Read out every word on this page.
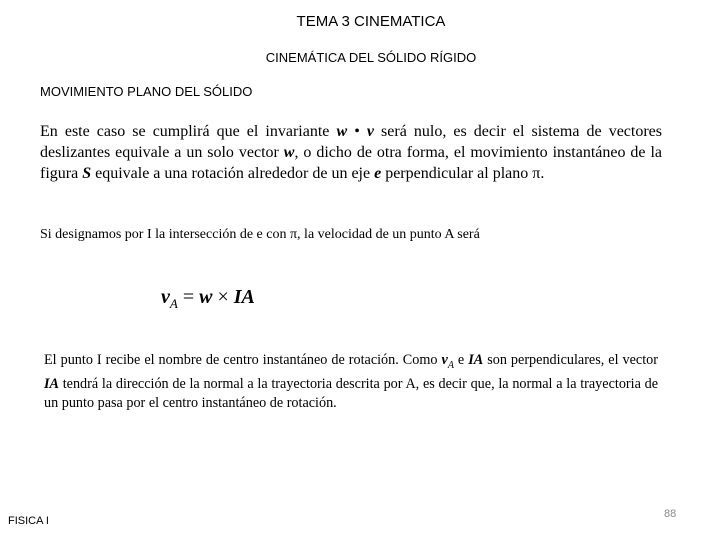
TEMA 3 CINEMATICA
CINEMÁTICA DEL SÓLIDO RÍGIDO
MOVIMIENTO PLANO DEL SÓLIDO
En este caso se cumplirá que el invariante w • v será nulo, es decir el sistema de vectores deslizantes equivale a un solo vector w, o dicho de otra forma, el movimiento instantáneo de la figura S equivale a una rotación alrededor de un eje e perpendicular al plano π.
Si designamos por I la intersección de e con π, la velocidad de un punto A será
$v_A = w$ × IA
El punto I recibe el nombre de centro instantáneo de rotación. Como $v_A$ e IA son perpendiculares, el vector IA tendrá la dirección de la normal a la trayectoria descrita por A, es decir que, la normal a la trayectoria de un punto pasa por el centro instantáneo de rotación.
FISICA I
88
